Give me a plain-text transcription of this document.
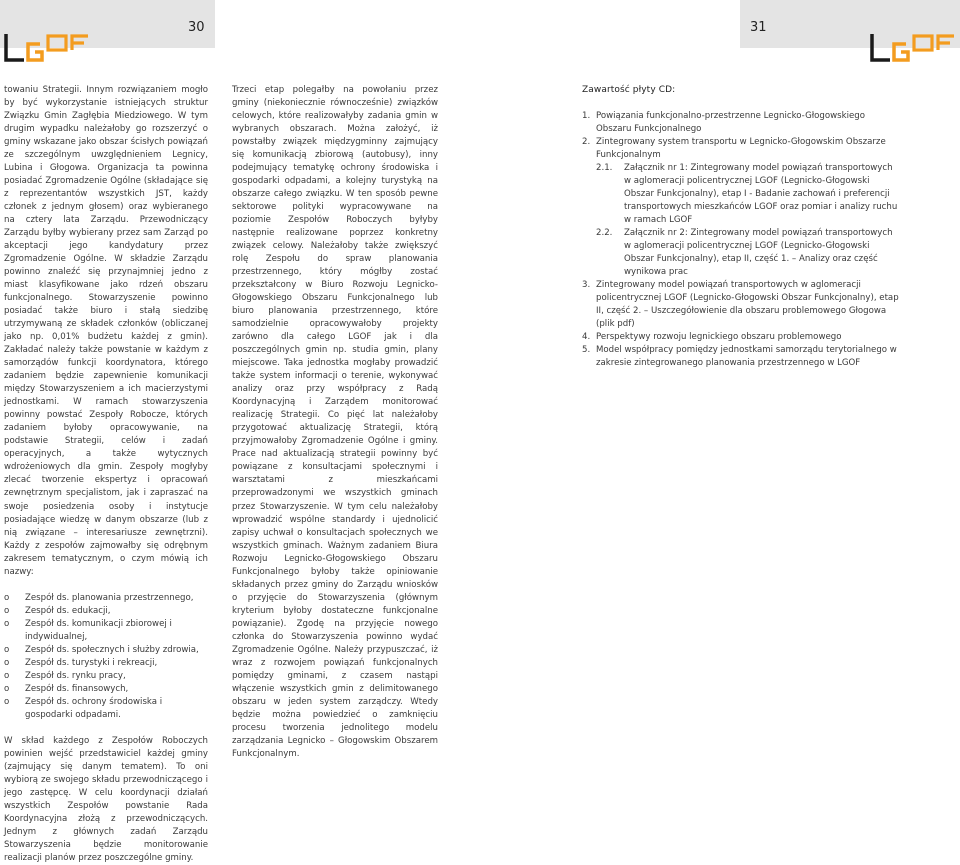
30

towaniu Strategii. Innym rozwiązaniem mogło by być wykorzystanie istniejących struktur Związku Gmin Zagłębia Miedziowego. W tym drugim wypadku należałoby go rozszerzyć o gminy wskazane jako obszar ścisłych powiązań ze szczególnym uwzględnieniem Legnicy, Lubina i Głogowa. Organizacja ta powinna posiadać Zgromadzenie Ogólne (składające się z reprezentantów wszystkich JST, każdy członek z jednym głosem) oraz wybieranego na cztery lata Zarządu. Przewodniczący Zarządu byłby wybierany przez sam Zarząd po akceptacji jego kandydatury przez Zgromadzenie Ogólne. W składzie Zarządu powinno znaleźć się przynajmniej jedno z miast klasyfikowane jako rdzeń obszaru funkcjonalnego. Stowarzyszenie powinno posiadać także biuro i stałą siedzibę utrzymywaną ze składek członków (obliczanej jako np. 0,01% budżetu każdej z gmin). Zakładać należy także powstanie w każdym z samorządów funkcji koordynatora, którego zadaniem będzie zapewnienie komunikacji między Stowarzyszeniem a ich macierzystymi jednostkami. W ramach stowarzyszenia powinny powstać Zespoły Robocze, których zadaniem byłoby opracowywanie, na podstawie Strategii, celów i zadań operacyjnych, a także wytycznych wdrożeniowych dla gmin. Zespoły mogłyby zlecać tworzenie ekspertyz i opracowań zewnętrznym specjalistom, jak i zapraszać na swoje posiedzenia osoby i instytucje posiadające wiedzę w danym obszarze (lub z nią związane – interesariusze zewnętrzni). Każdy z zespołów zajmowałby się odrębnym zakresem tematycznym, o czym mówią ich nazwy:

o Zespół ds. planowania przestrzennego,
o Zespół ds. edukacji,
o Zespół ds. komunikacji zbiorowej i indywidualnej,
o Zespół ds. społecznych i służby zdrowia,
o Zespół ds. turystyki i rekreacji,
o Zespół ds. rynku pracy,
o Zespół ds. finansowych,
o Zespół ds. ochrony środowiska i gospodarki odpadami.

W skład każdego z Zespołów Roboczych powinien wejść przedstawiciel każdej gminy (zajmujący się danym tematem). To oni wybiorą ze swojego składu przewodniczącego i jego zastępcę. W celu koordynacji działań wszystkich Zespołów powstanie Rada Koordynacyjna złożą z przewodniczących. Jednym z głównych zadań Zarządu Stowarzyszenia będzie monitorowanie realizacji planów przez poszczególne gminy.

Trzeci etap polegałby na powołaniu przez gminy (niekoniecznie równocześnie) związków celowych, które realizowałyby zadania gmin w wybranych obszarach. Można założyć, iż powstałby związek międzygminny zajmujący się komunikacją zbiorową (autobusy), inny podejmujący tematykę ochrony środowiska i gospodarki odpadami, a kolejny turystyką na obszarze całego związku. W ten sposób pewne sektorowe polityki wypracowywane na poziomie Zespołów Roboczych byłyby następnie realizowane poprzez konkretny związek celowy. Należałoby także zwiększyć rolę Zespołu do spraw planowania przestrzennego, który mógłby zostać przekształcony w Biuro Rozwoju Legnicko-Głogowskiego Obszaru Funkcjonalnego lub biuro planowania przestrzennego, które samodzielnie opracowywałoby projekty zarówno dla całego LGOF jak i dla poszczególnych gmin np. studia gmin, plany miejscowe. Taka jednostka mogłaby prowadzić także system informacji o terenie, wykonywać analizy oraz przy współpracy z Radą Koordynacyjną i Zarządem monitorować realizację Strategii. Co pięć lat należałoby przygotować aktualizację Strategii, którą przyjmowałoby Zgromadzenie Ogólne i gminy. Prace nad aktualizacją strategii powinny być powiązane z konsultacjami społecznymi i warsztatami z mieszkańcami przeprowadzonymi we wszystkich gminach przez Stowarzyszenie. W tym celu należałoby wprowadzić wspólne standardy i ujednolicić zapisy uchwał o konsultacjach społecznych we wszystkich gminach. Ważnym zadaniem Biura Rozwoju Legnicko-Głogowskiego Obszaru Funkcjonalnego byłoby także opiniowanie składanych przez gminy do Zarządu wniosków o przyjęcie do Stowarzyszenia (głównym kryterium byłoby dostateczne funkcjonalne powiązanie). Zgodę na przyjęcie nowego członka do Stowarzyszenia powinno wydać Zgromadzenie Ogólne. Należy przypuszczać, iż wraz z rozwojem powiązań funkcjonalnych pomiędzy gminami, z czasem nastąpi włączenie wszystkich gmin z delimitowanego obszaru w jeden system zarządczy. Wtedy będzie można powiedzieć o zamknięciu procesu tworzenia jednolitego modelu zarządzania Legnicko – Głogowskim Obszarem Funkcjonalnym.

31
Zawartość płyty CD:
1. Powiązania funkcjonalno-przestrzenne Legnicko-Głogowskiego Obszaru Funkcjonalnego
2. Zintegrowany system transportu w Legnicko-Głogowskim Obszarze Funkcjonalnym
2.1.	Załącznik nr 1: Zintegrowany model powiązań transportowych w aglomeracji policentrycznej LGOF (Legnicko-Głogowski Obszar Funkcjonalny), etap I - Badanie zachowań i preferencji transportowych mieszkańców LGOF oraz pomiar i analizy ruchu w ramach LGOF
2.2.	Załącznik nr 2: Zintegrowany model powiązań transportowych w aglomeracji policentrycznej LGOF (Legnicko-Głogowski Obszar Funkcjonalny), etap II, część 1. – Analizy oraz część wynikowa prac
3. Zintegrowany model powiązań transportowych w aglomeracji policentrycznej LGOF (Legnicko-Głogowski Obszar Funkcjonalny), etap II, część 2. – Uszczegółowienie dla obszaru problemowego Głogowa (plik pdf)
4. Perspektywy rozwoju legnickiego obszaru problemowego
5. Model współpracy pomiędzy jednostkami samorządu terytorialnego w zakresie zintegrowanego planowania przestrzennego w LGOF
